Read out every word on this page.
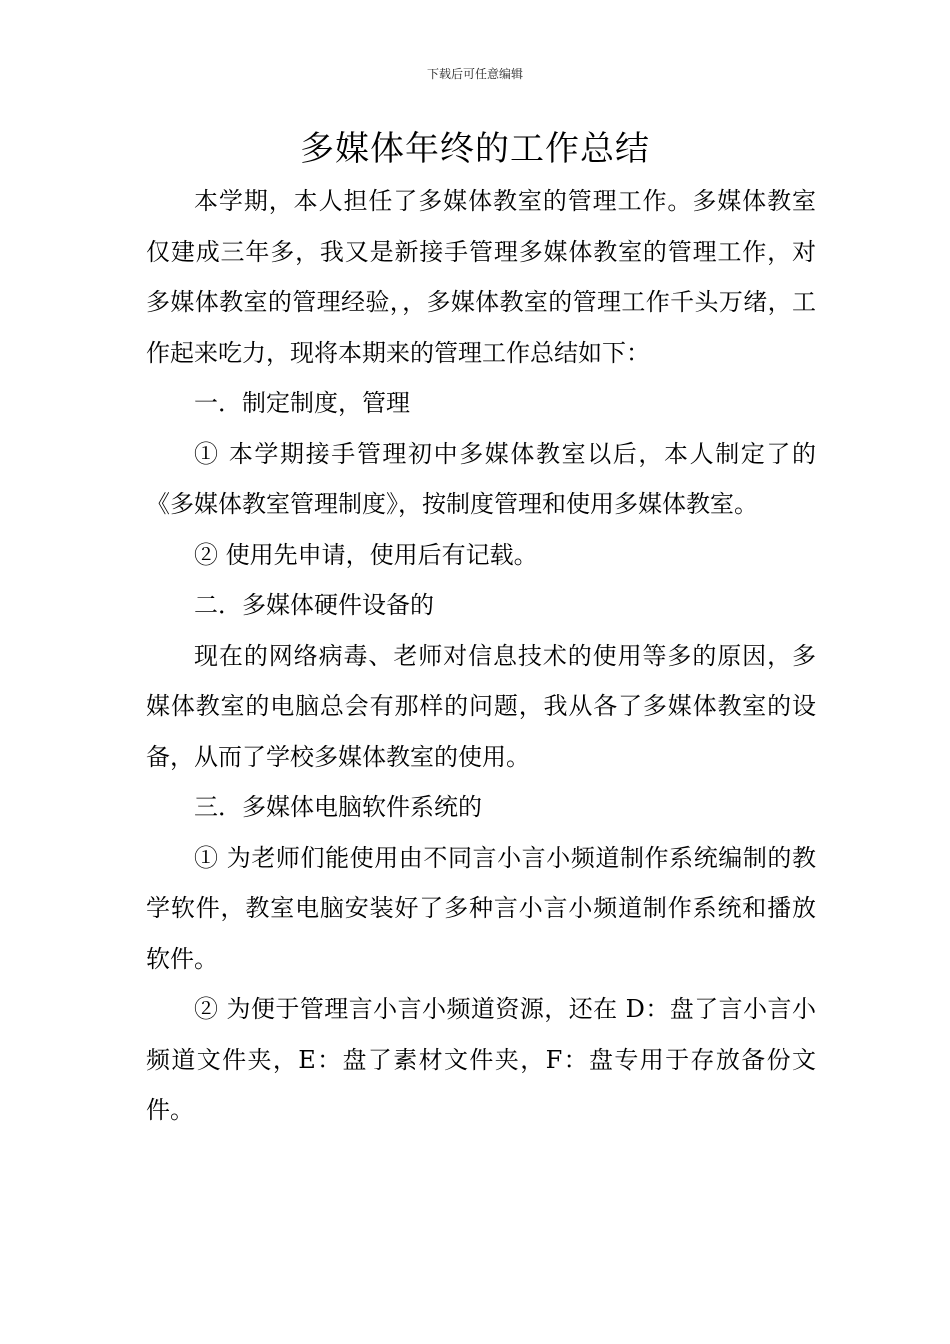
下载后可任意编辑
多媒体年终的工作总结

本学期，本人担任了多媒体教室的管理工作。多媒体教室仅建成三年多，我又是新接手管理多媒体教室的管理工作，对多媒体教室的管理经验，，多媒体教室的管理工作千头万绪，工作起来吃力，现将本期来的管理工作总结如下：

一．制定制度，管理

① 本学期接手管理初中多媒体教室以后，本人制定了的《多媒体教室管理制度》，按制度管理和使用多媒体教室。

② 使用先申请，使用后有记载。

二．多媒体硬件设备的

现在的网络病毒、老师对信息技术的使用等多的原因，多媒体教室的电脑总会有那样的问题，我从各了多媒体教室的设备，从而了学校多媒体教室的使用。

三．多媒体电脑软件系统的

① 为老师们能使用由不同言小言小频道制作系统编制的教学软件，教室电脑安装好了多种言小言小频道制作系统和播放软件。

② 为便于管理言小言小频道资源，还在 D：盘了言小言小频道文件夹，E：盘了素材文件夹，F：盘专用于存放备份文件。
